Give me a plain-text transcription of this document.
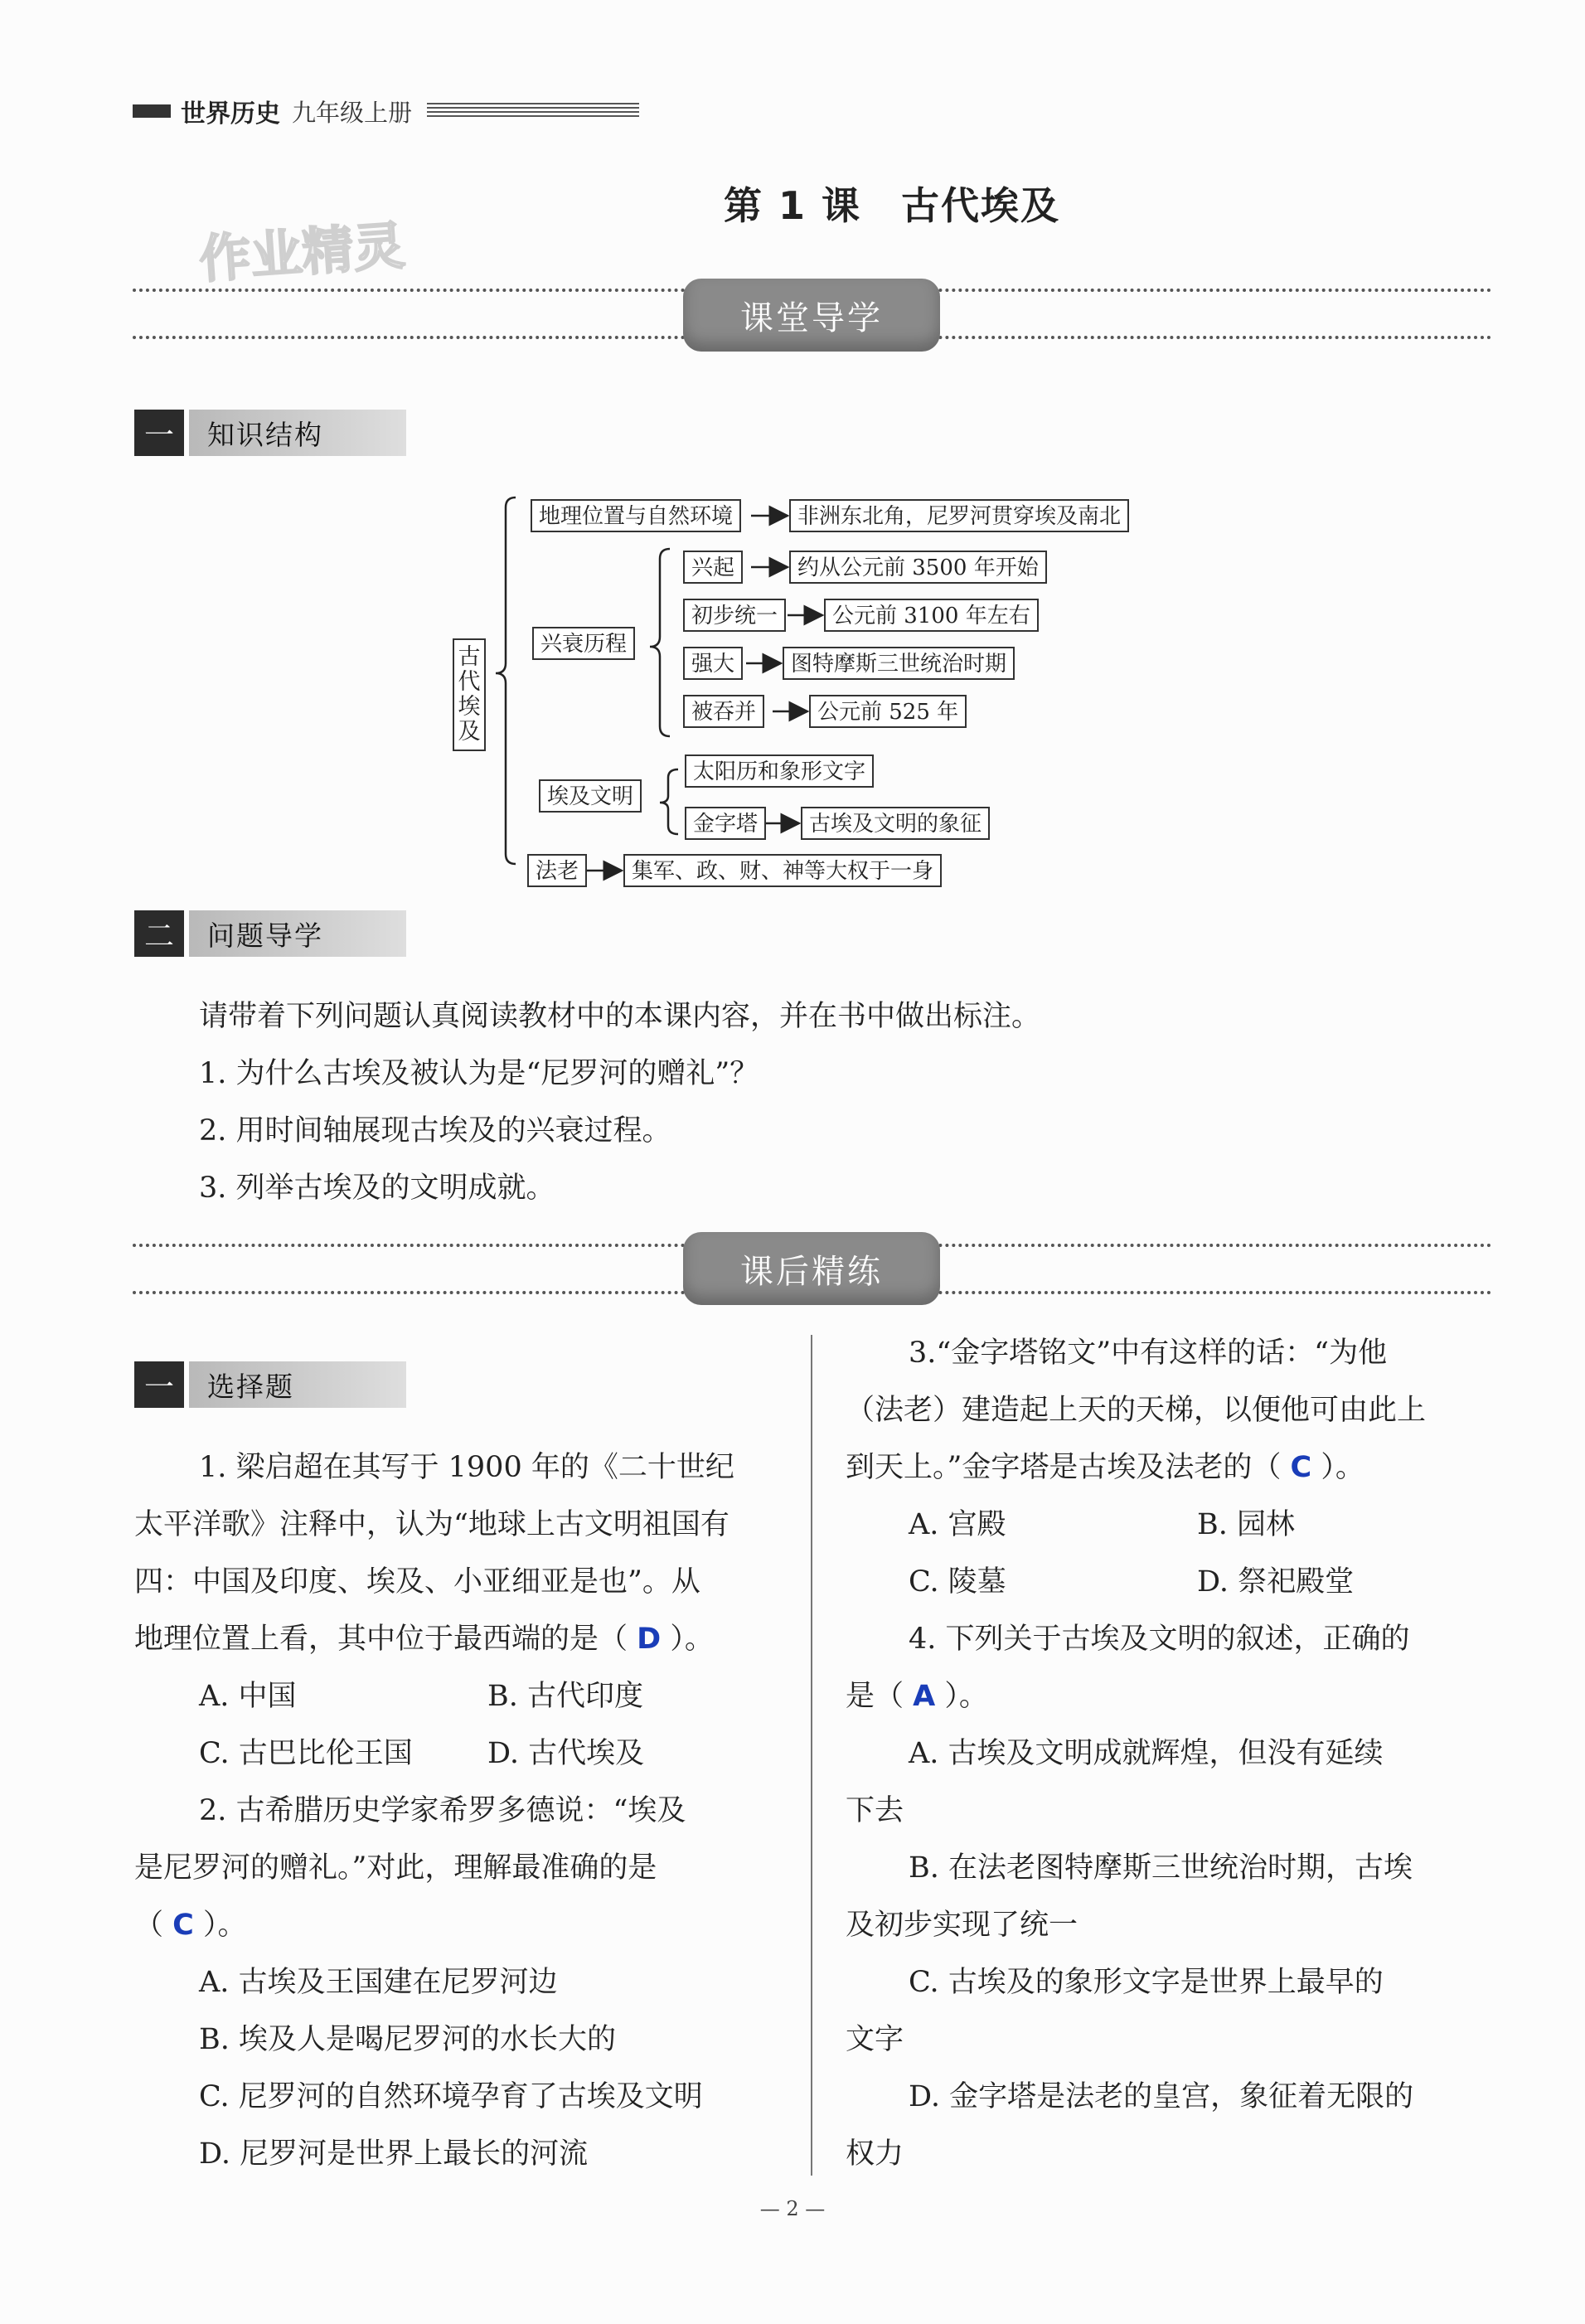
世界历史 九年级上册
第 1 课　古代埃及
作业精灵
课堂导学
一	知识结构
古代埃及
地理位置与自然环境	非洲东北角，尼罗河贯穿埃及南北
兴衰历程
兴起	约从公元前 3500 年开始
初步统一	公元前 3100 年左右
强大	图特摩斯三世统治时期
被吞并	公元前 525 年
埃及文明
太阳历和象形文字
金字塔	古埃及文明的象征
法老	集军、政、财、神等大权于一身
二	问题导学
请带着下列问题认真阅读教材中的本课内容，并在书中做出标注。
1. 为什么古埃及被认为是“尼罗河的赠礼”？
2. 用时间轴展现古埃及的兴衰过程。
3. 列举古埃及的文明成就。
课后精练
一	选择题
1. 梁启超在其写于 1900 年的《二十世纪
太平洋歌》注释中，认为“地球上古文明祖国有
四：中国及印度、埃及、小亚细亚是也”。从
地理位置上看，其中位于最西端的是（ D ）。
A. 中国	B. 古代印度
C. 古巴比伦王国	D. 古代埃及
2. 古希腊历史学家希罗多德说：“埃及
是尼罗河的赠礼。”对此，理解最准确的是
（ C ）。
A. 古埃及王国建在尼罗河边
B. 埃及人是喝尼罗河的水长大的
C. 尼罗河的自然环境孕育了古埃及文明
D. 尼罗河是世界上最长的河流
3.“金字塔铭文”中有这样的话：“为他
（法老）建造起上天的天梯，以便他可由此上
到天上。”金字塔是古埃及法老的（ C ）。
A. 宫殿	B. 园林
C. 陵墓	D. 祭祀殿堂
4. 下列关于古埃及文明的叙述，正确的
是（ A ）。
A. 古埃及文明成就辉煌，但没有延续
下去
B. 在法老图特摩斯三世统治时期，古埃
及初步实现了统一
C. 古埃及的象形文字是世界上最早的
文字
D. 金字塔是法老的皇宫，象征着无限的
权力
— 2 —
